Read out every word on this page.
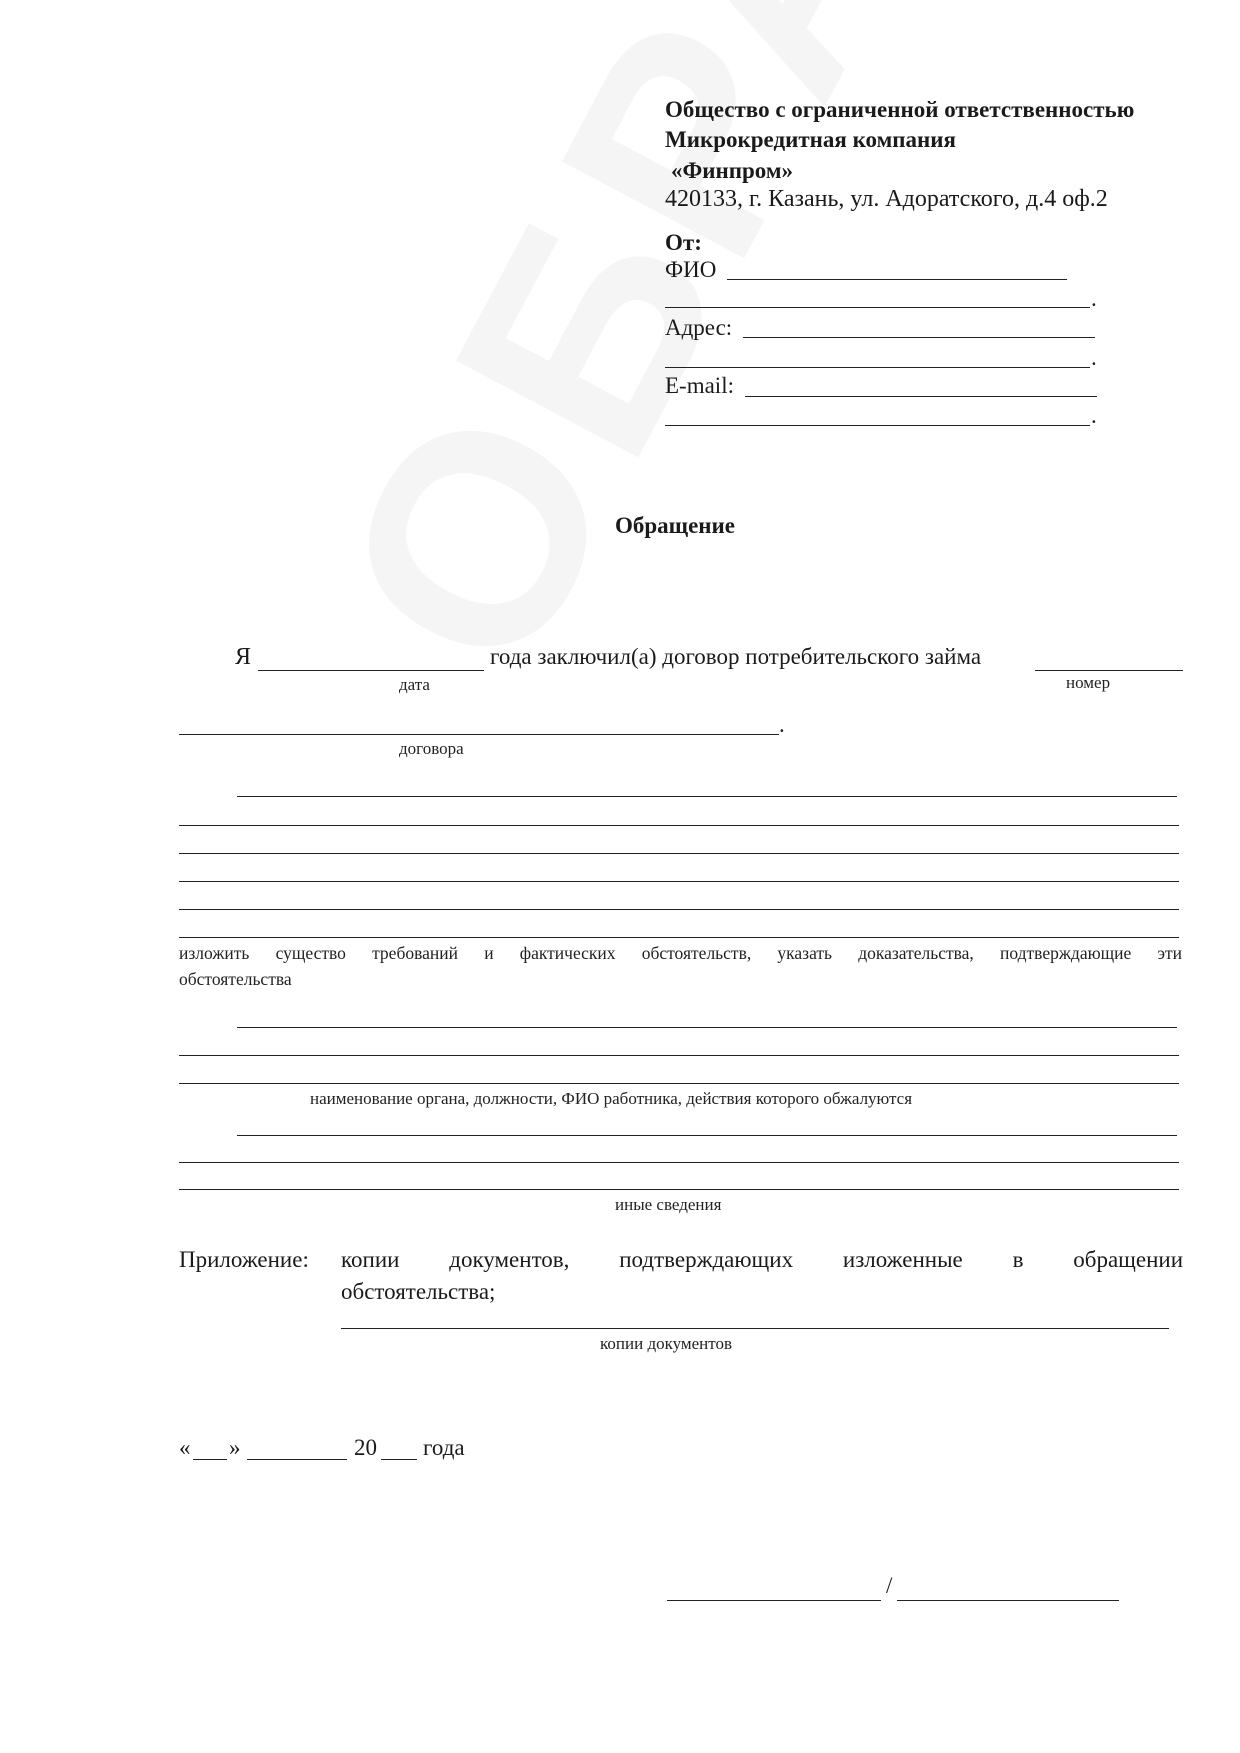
Общество с ограниченной ответственностью
Микрокредитная компания
«Финпром»
420133, г. Казань, ул. Адоратского, д.4 оф.2
От:
ФИО
.
Адрес:
.
E-mail:
.
Обращение
Я	года заключил(а) договор потребительского займа
дата	номер
.
договора
изложить существо требований и фактических обстоятельств, указать доказательства, подтверждающие эти
обстоятельства
наименование органа, должности, ФИО работника, действия которого обжалуются
иные сведения
Приложение: копии документов, подтверждающих изложенные в обращении
обстоятельства;
копии документов
« »	20 года
/
